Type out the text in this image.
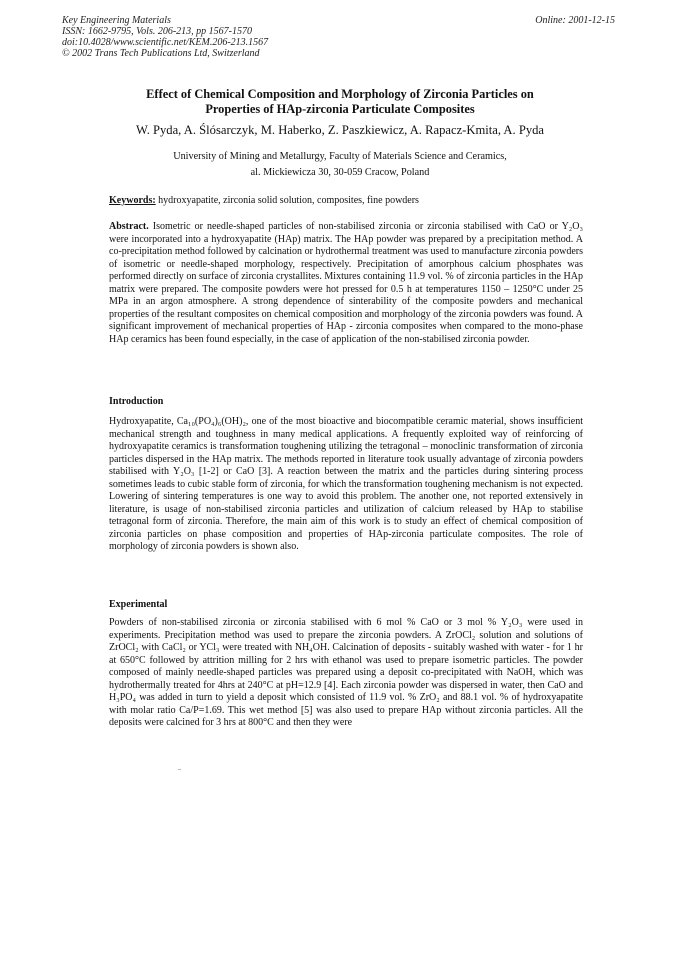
Key Engineering Materials
ISSN: 1662-9795, Vols. 206-213, pp 1567-1570
doi:10.4028/www.scientific.net/KEM.206-213.1567
© 2002 Trans Tech Publications Ltd, Switzerland
Online: 2001-12-15
Effect of Chemical Composition and Morphology of Zirconia Particles on
Properties of HAp-zirconia Particulate Composites
W. Pyda, A. Ślósarczyk, M. Haberko, Z. Paszkiewicz, A. Rapacz-Kmita, A. Pyda
University of Mining and Metallurgy, Faculty of Materials Science and Ceramics,
al. Mickiewicza 30, 30-059 Cracow, Poland
Keywords: hydroxyapatite, zirconia solid solution, composites, fine powders
Abstract. Isometric or needle-shaped particles of non-stabilised zirconia or zirconia stabilised with CaO or Y₂O₃ were incorporated into a hydroxyapatite (HAp) matrix. The HAp powder was prepared by a precipitation method. A co-precipitation method followed by calcination or hydrothermal treatment was used to manufacture zirconia powders of isometric or needle-shaped morphology, respectively. Precipitation of amorphous calcium phosphates was performed directly on surface of zirconia crystallites. Mixtures containing 11.9 vol. % of zirconia particles in the HAp matrix were prepared. The composite powders were hot pressed for 0.5 h at temperatures 1150 – 1250°C under 25 MPa in an argon atmosphere. A strong dependence of sinterability of the composite powders and mechanical properties of the resultant composites on chemical composition and morphology of the zirconia powders was found. A significant improvement of mechanical properties of HAp - zirconia composites when compared to the mono-phase HAp ceramics has been found especially, in the case of application of the non-stabilised zirconia powder.
Introduction
Hydroxyapatite, Ca₁₀(PO₄)₆(OH)₂, one of the most bioactive and biocompatible ceramic material, shows insufficient mechanical strength and toughness in many medical applications. A frequently exploited way of reinforcing of hydroxyapatite ceramics is transformation toughening utilizing the tetragonal – monoclinic transformation of zirconia particles dispersed in the HAp matrix. The methods reported in literature took usually advantage of zirconia powders stabilised with Y₂O₃ [1-2] or CaO [3]. A reaction between the matrix and the particles during sintering process sometimes leads to cubic stable form of zirconia, for which the transformation toughening mechanism is not expected. Lowering of sintering temperatures is one way to avoid this problem. The another one, not reported extensively in literature, is usage of non-stabilised zirconia particles and utilization of calcium released by HAp to stabilise tetragonal form of zirconia. Therefore, the main aim of this work is to study an effect of chemical composition of zirconia particles on phase composition and properties of HAp-zirconia particulate composites. The role of morphology of zirconia powders is shown also.
Experimental
Powders of non-stabilised zirconia or zirconia stabilised with 6 mol % CaO or 3 mol % Y₂O₃ were used in experiments. Precipitation method was used to prepare the zirconia powders. A ZrOCl₂ solution and solutions of ZrOCl₂ with CaCl₂ or YCl₃ were treated with NH₄OH. Calcination of deposits - suitably washed with water - for 1 hr at 650°C followed by attrition milling for 2 hrs with ethanol was used to prepare isometric particles. The powder composed of mainly needle-shaped particles was prepared using a deposit co-precipitated with NaOH, which was hydrothermally treated for 4hrs at 240°C at pH=12.9 [4]. Each zirconia powder was dispersed in water, then CaO and H₃PO₄ was added in turn to yield a deposit which consisted of 11.9 vol. % ZrO₂ and 88.1 vol. % of hydroxyapatite with molar ratio Ca/P=1.69. This wet method [5] was also used to prepare HAp without zirconia particles. All the deposits were calcined for 3 hrs at 800°C and then they were
